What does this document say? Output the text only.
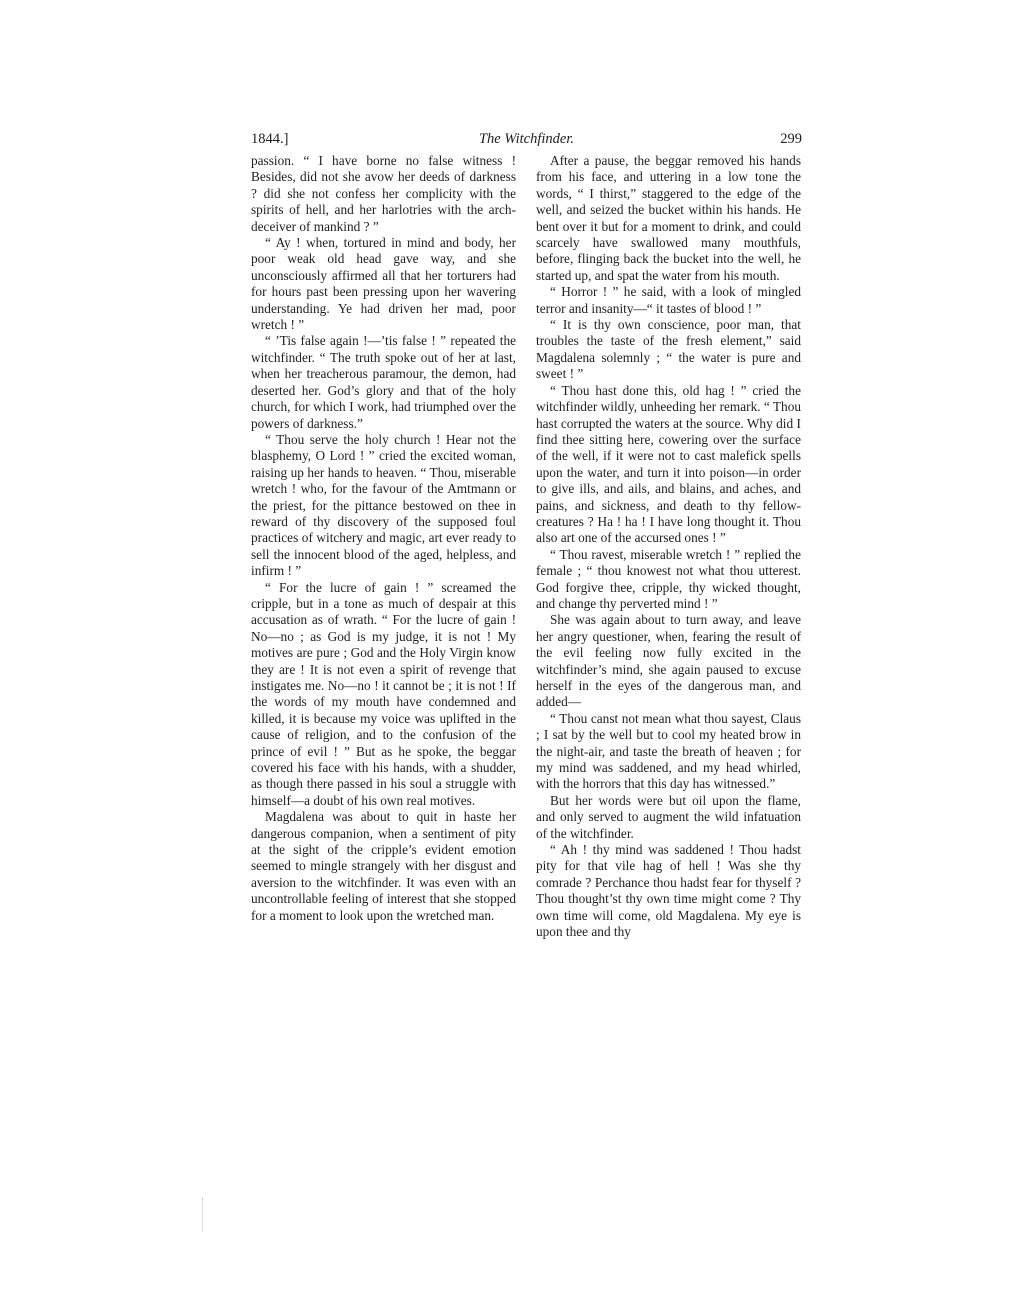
1844.]	The Witchfinder.	299

passion. “ I have borne no false witness ! Besides, did not she avow her deeds of darkness ? did she not confess her complicity with the spirits of hell, and her harlotries with the arch-deceiver of mankind ? ”

“ Ay ! when, tortured in mind and body, her poor weak old head gave way, and she unconsciously affirmed all that her torturers had for hours past been pressing upon her wavering understanding. Ye had driven her mad, poor wretch ! ”

“ ’Tis false again !—’tis false ! ” repeated the witchfinder. “ The truth spoke out of her at last, when her treacherous paramour, the demon, had deserted her. God’s glory and that of the holy church, for which I work, had triumphed over the powers of darkness.”

“ Thou serve the holy church ! Hear not the blasphemy, O Lord ! ” cried the excited woman, raising up her hands to heaven. “ Thou, miserable wretch ! who, for the favour of the Amtmann or the priest, for the pittance bestowed on thee in reward of thy discovery of the supposed foul practices of witchery and magic, art ever ready to sell the innocent blood of the aged, helpless, and infirm ! ”

“ For the lucre of gain ! ” screamed the cripple, but in a tone as much of despair at this accusation as of wrath. “ For the lucre of gain ! No—no ; as God is my judge, it is not ! My motives are pure ; God and the Holy Virgin know they are ! It is not even a spirit of revenge that instigates me. No—no ! it cannot be ; it is not ! If the words of my mouth have condemned and killed, it is because my voice was uplifted in the cause of religion, and to the confusion of the prince of evil ! ” But as he spoke, the beggar covered his face with his hands, with a shudder, as though there passed in his soul a struggle with himself—a doubt of his own real motives.

Magdalena was about to quit in haste her dangerous companion, when a sentiment of pity at the sight of the cripple’s evident emotion seemed to mingle strangely with her disgust and aversion to the witchfinder. It was even with an uncontrollable feeling of interest that she stopped for a moment to look upon the wretched man.

After a pause, the beggar removed his hands from his face, and uttering in a low tone the words, “ I thirst,” staggered to the edge of the well, and seized the bucket within his hands. He bent over it but for a moment to drink, and could scarcely have swallowed many mouthfuls, before, flinging back the bucket into the well, he started up, and spat the water from his mouth.

“ Horror ! ” he said, with a look of mingled terror and insanity—“ it tastes of blood ! ”

“ It is thy own conscience, poor man, that troubles the taste of the fresh element,” said Magdalena solemnly ; “ the water is pure and sweet ! ”

“ Thou hast done this, old hag ! ” cried the witchfinder wildly, unheeding her remark. “ Thou hast corrupted the waters at the source. Why did I find thee sitting here, cowering over the surface of the well, if it were not to cast malefick spells upon the water, and turn it into poison—in order to give ills, and ails, and blains, and aches, and pains, and sickness, and death to thy fellow-creatures ? Ha ! ha ! I have long thought it. Thou also art one of the accursed ones ! ”

“ Thou ravest, miserable wretch ! ” replied the female ; “ thou knowest not what thou utterest. God forgive thee, cripple, thy wicked thought, and change thy perverted mind ! ”

She was again about to turn away, and leave her angry questioner, when, fearing the result of the evil feeling now fully excited in the witchfinder’s mind, she again paused to excuse herself in the eyes of the dangerous man, and added—

“ Thou canst not mean what thou sayest, Claus ; I sat by the well but to cool my heated brow in the night-air, and taste the breath of heaven ; for my mind was saddened, and my head whirled, with the horrors that this day has witnessed.”

But her words were but oil upon the flame, and only served to augment the wild infatuation of the witchfinder.

“ Ah ! thy mind was saddened ! Thou hadst pity for that vile hag of hell ! Was she thy comrade ? Perchance thou hadst fear for thyself ? Thou thought’st thy own time might come ? Thy own time will come, old Magdalena. My eye is upon thee and thy
